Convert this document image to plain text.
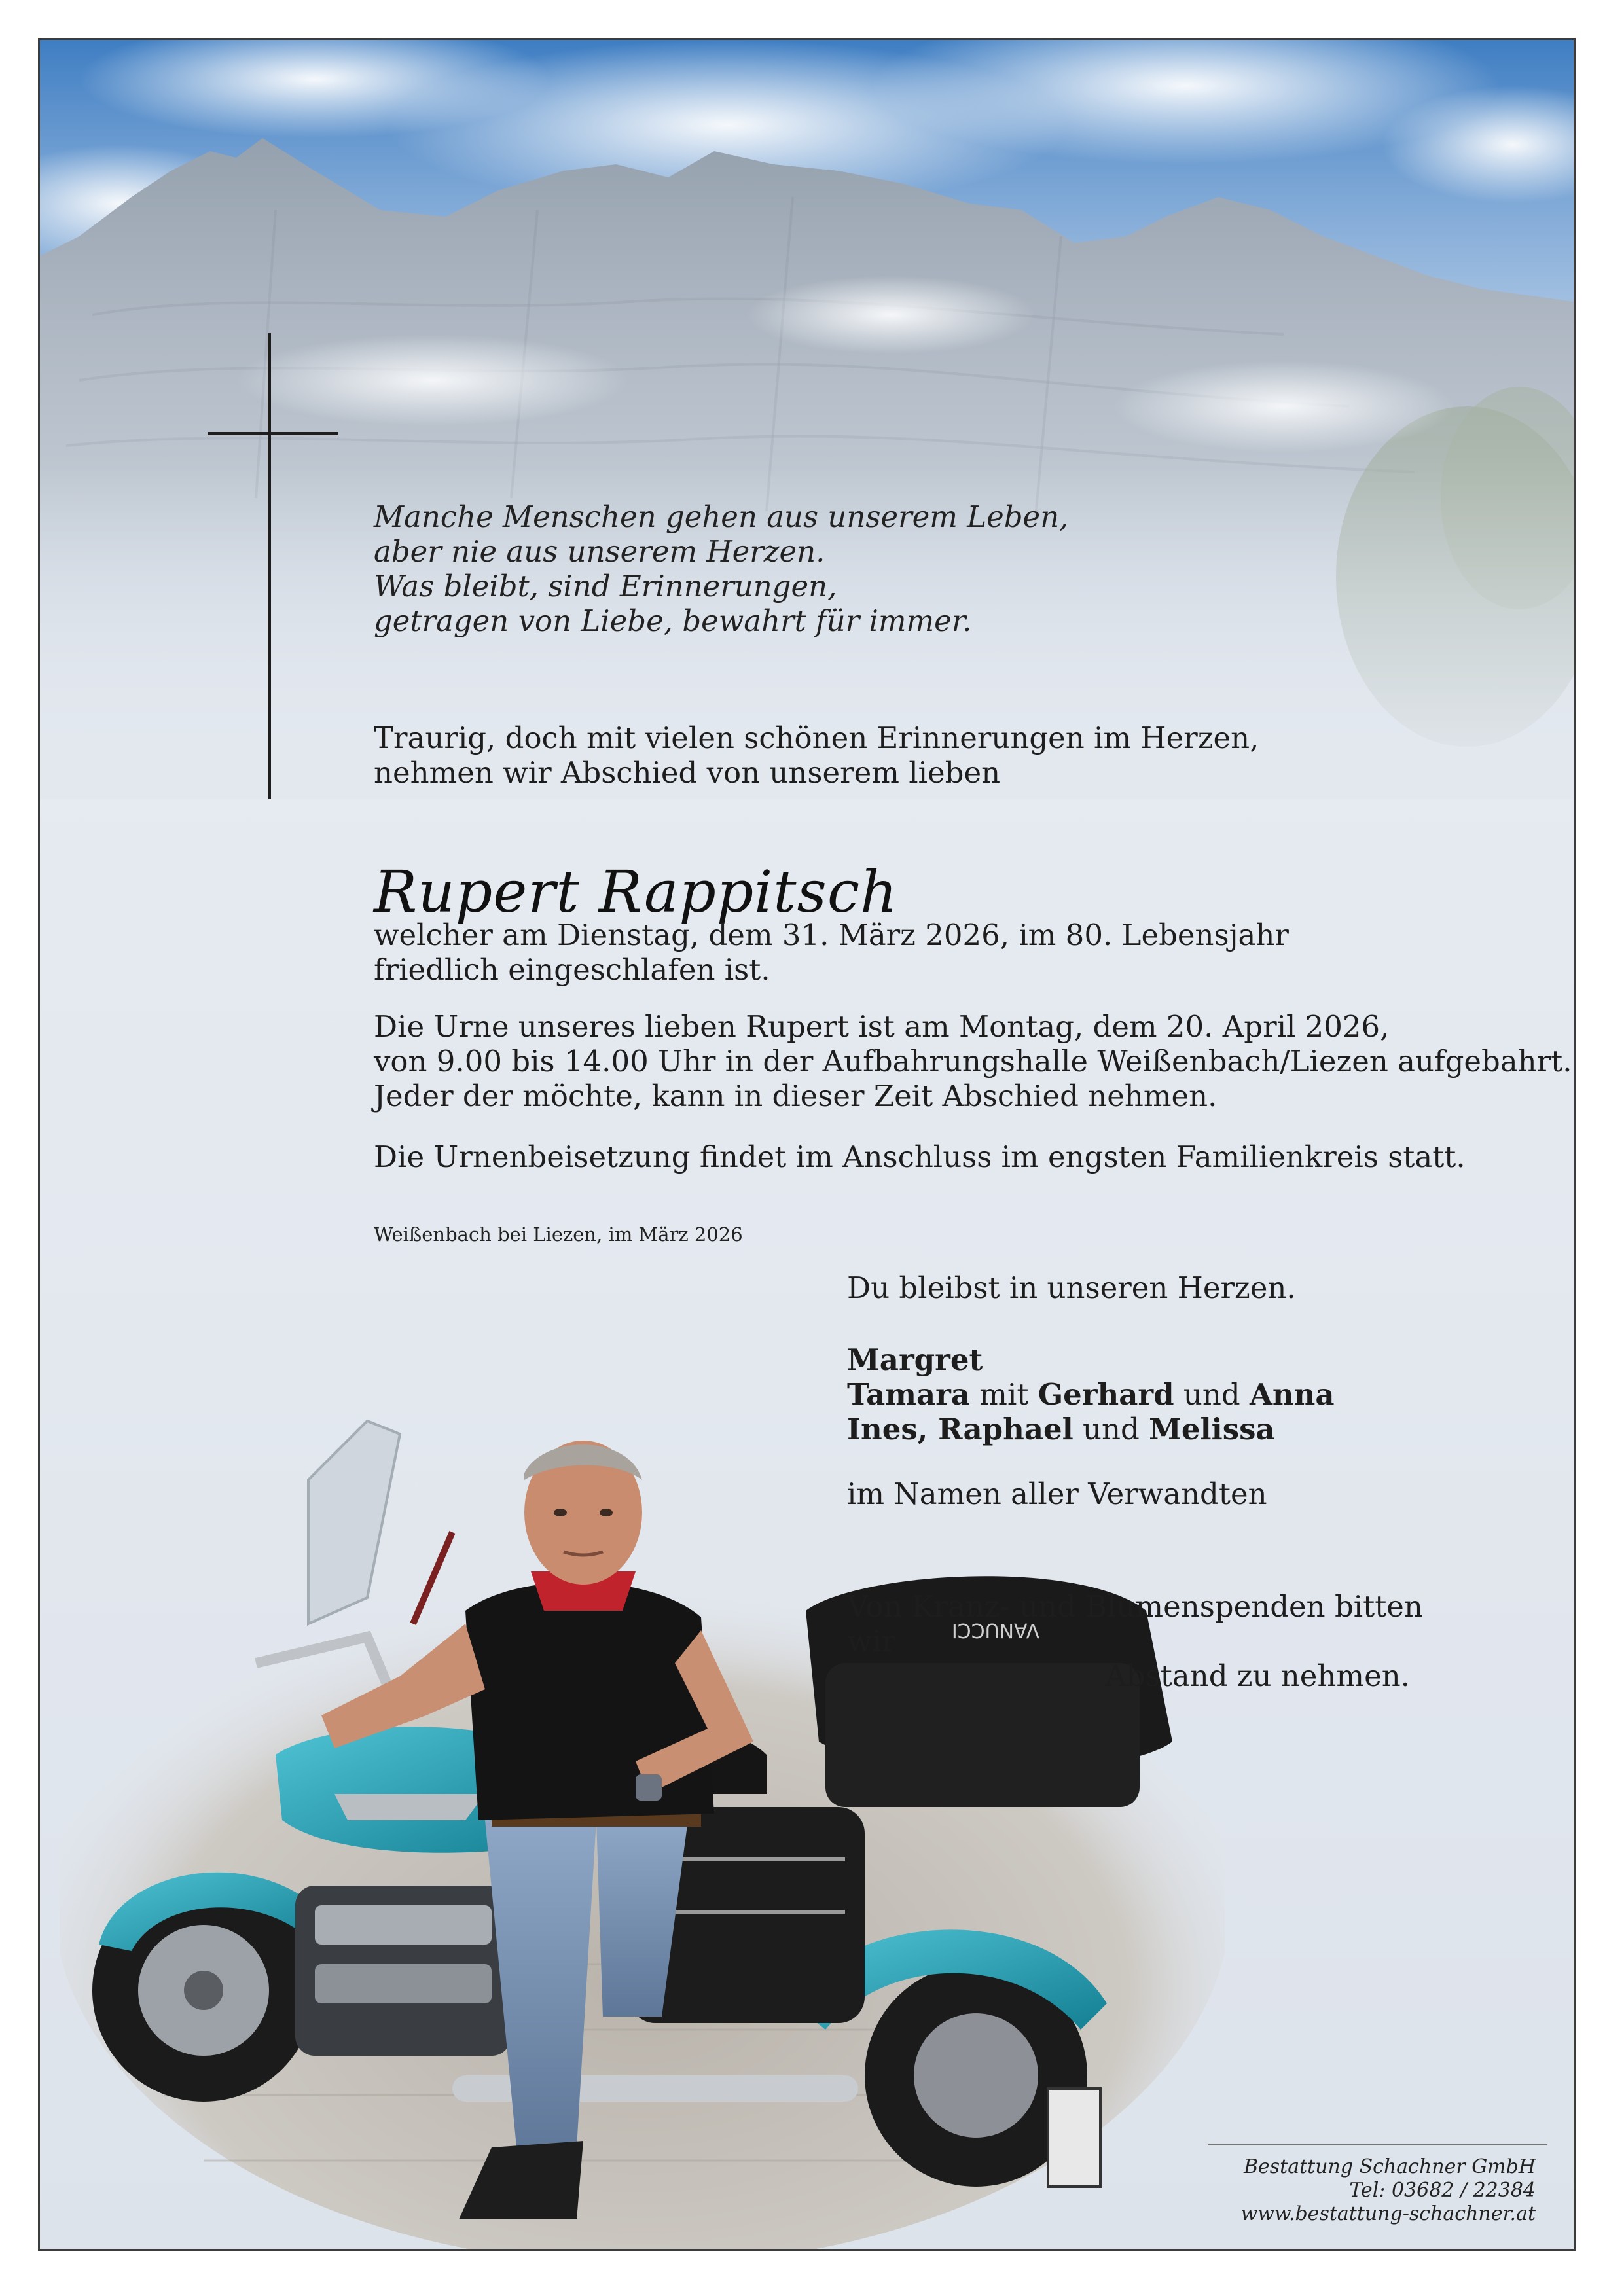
Manche Menschen gehen aus unserem Leben,
aber nie aus unserem Herzen.
Was bleibt, sind Erinnerungen,
getragen von Liebe, bewahrt für immer.
Traurig, doch mit vielen schönen Erinnerungen im Herzen,
nehmen wir Abschied von unserem lieben
Rupert Rappitsch
welcher am Dienstag, dem 31. März 2026, im 80. Lebensjahr
friedlich eingeschlafen ist.
Die Urne unseres lieben Rupert ist am Montag, dem 20. April 2026,
von 9.00 bis 14.00 Uhr in der Aufbahrungshalle Weißenbach/Liezen aufgebahrt.
Jeder der möchte, kann in dieser Zeit Abschied nehmen.
Die Urnenbeisetzung findet im Anschluss im engsten Familienkreis statt.
Weißenbach bei Liezen, im März 2026
VANUCCI
Du bleibst in unseren Herzen.
Margret
Tamara mit Gerhard und Anna
Ines, Raphael und Melissa
im Namen aller Verwandten
Von Kranz- und Blumenspenden bitten wir
Abstand zu nehmen.
Bestattung Schachner GmbH
Tel: 03682 / 22384
www.bestattung-schachner.at
